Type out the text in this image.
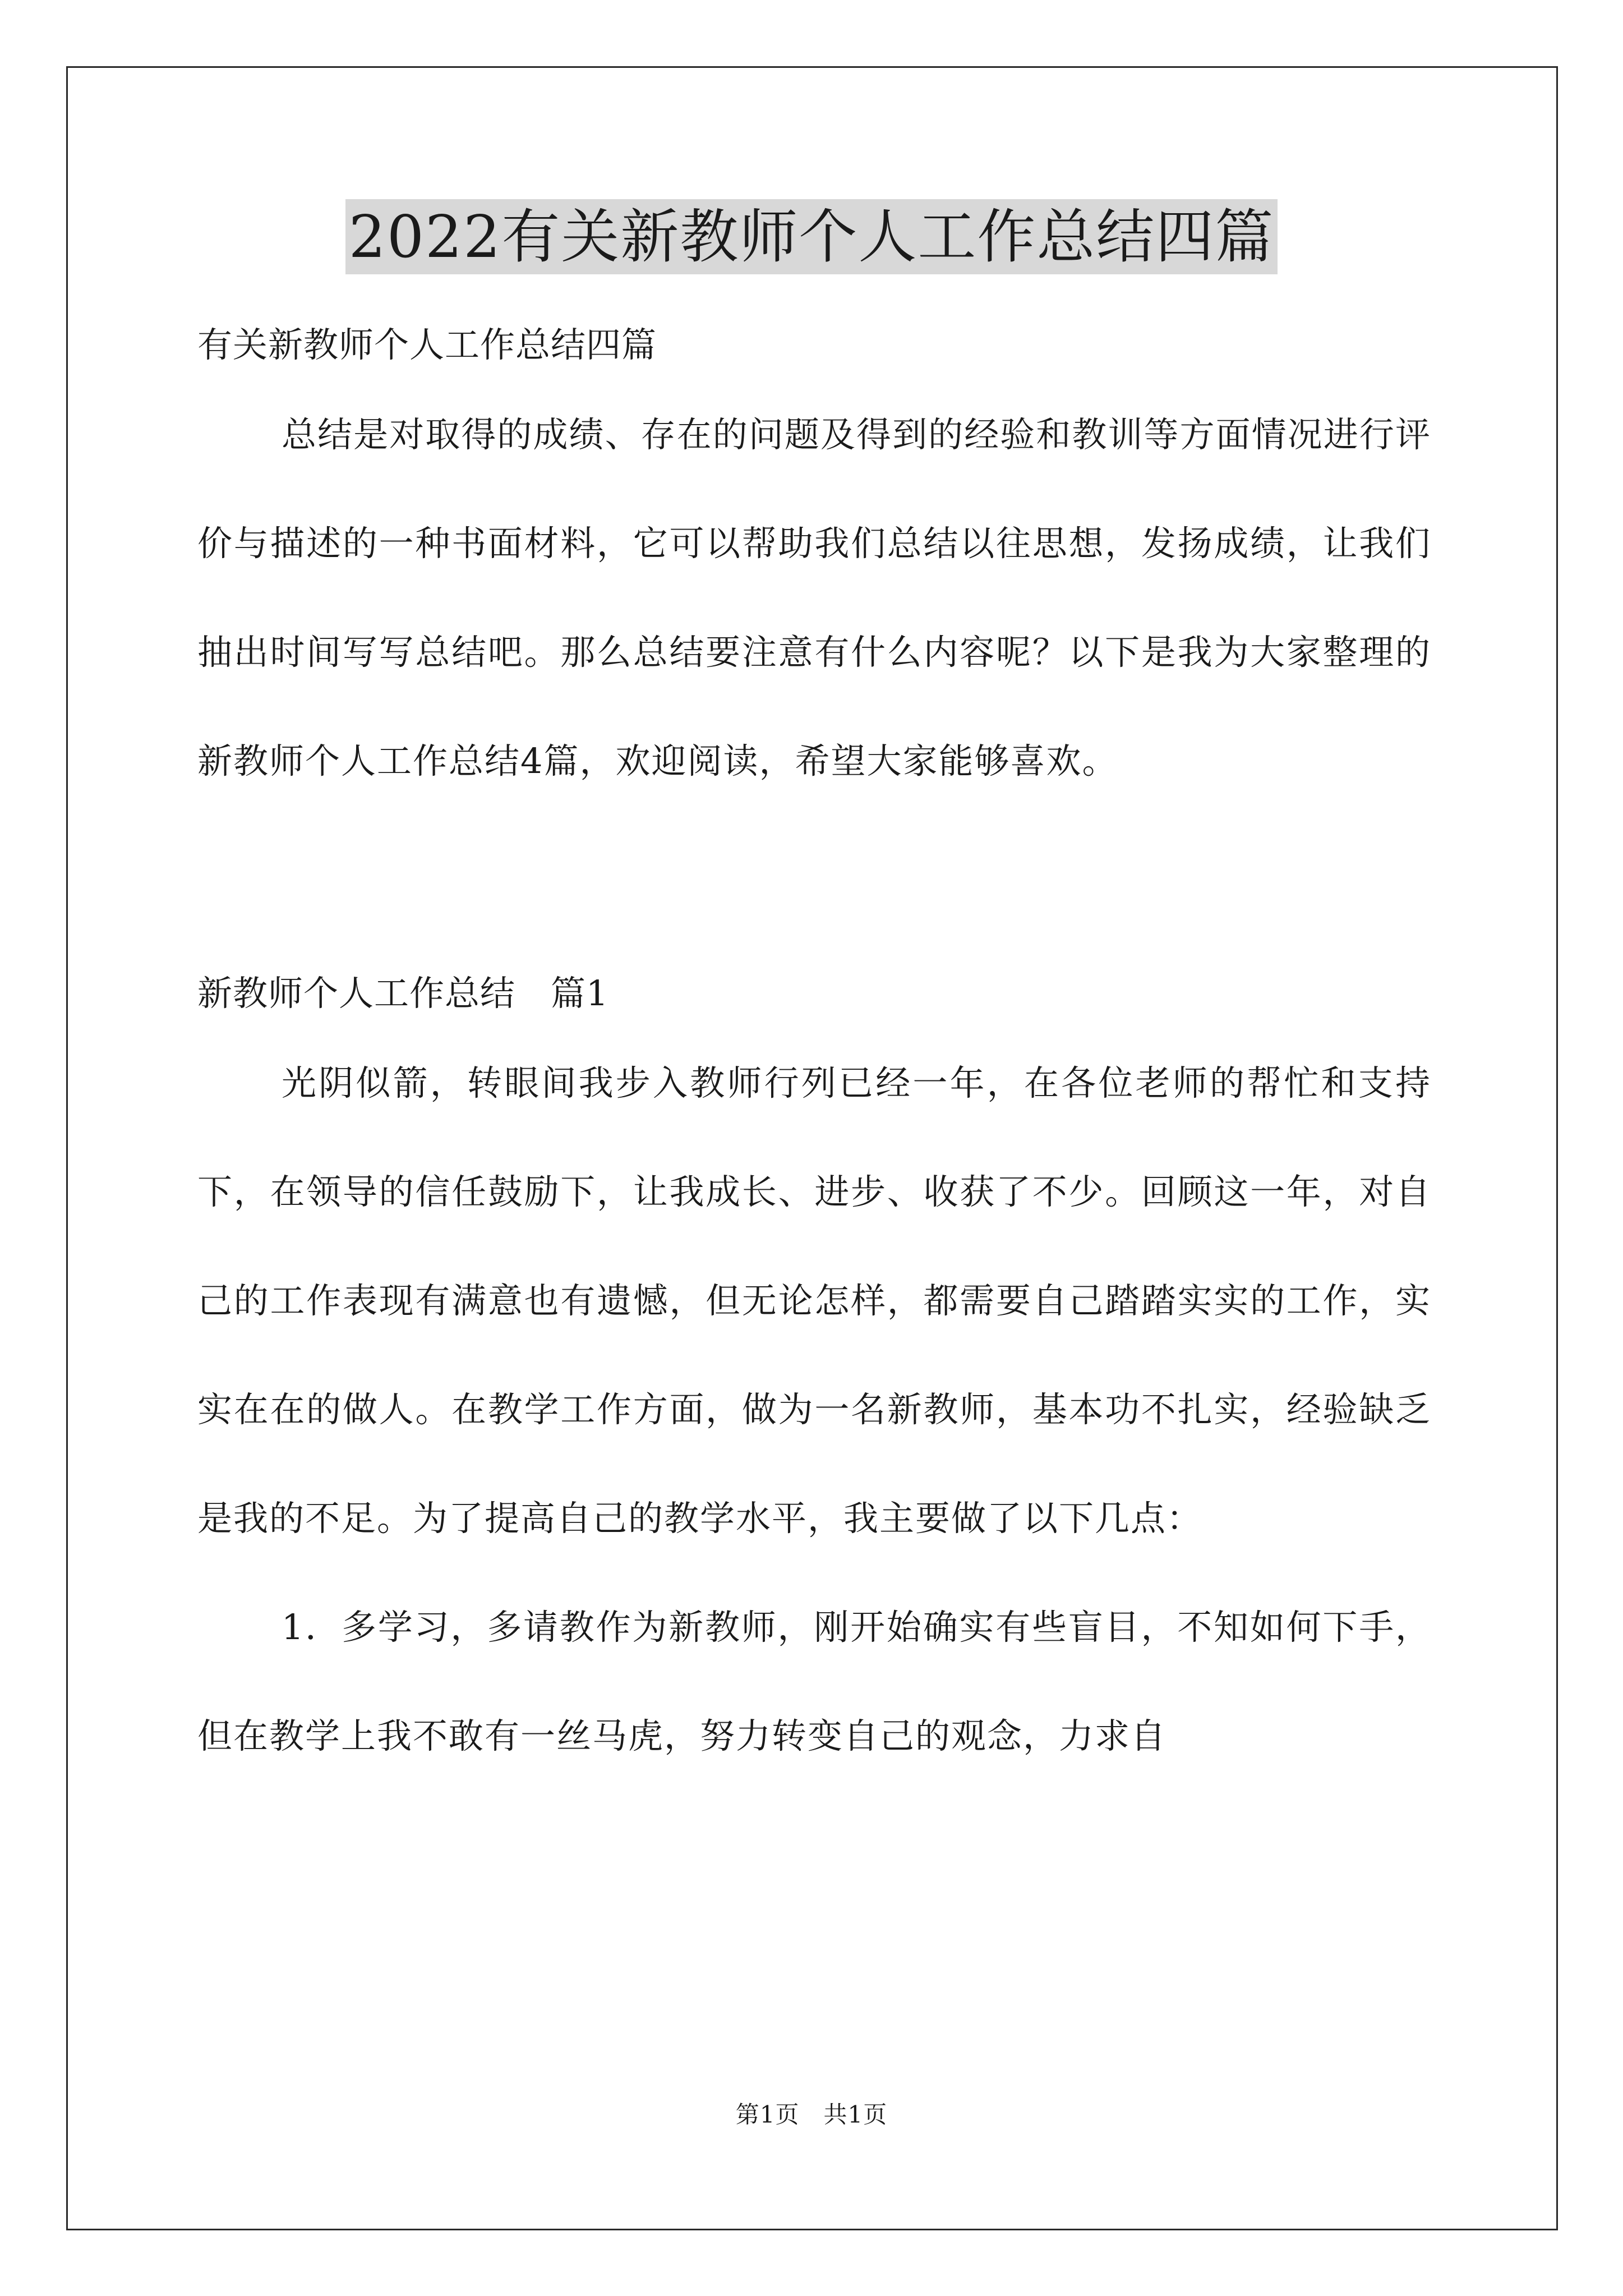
2022有关新教师个人工作总结四篇

有关新教师个人工作总结四篇

总结是对取得的成绩、存在的问题及得到的经验和教训等方面情况进行评价与描述的一种书面材料，它可以帮助我们总结以往思想，发扬成绩，让我们抽出时间写写总结吧。那么总结要注意有什么内容呢？以下是我为大家整理的新教师个人工作总结4篇，欢迎阅读，希望大家能够喜欢。

新教师个人工作总结　篇1

光阴似箭，转眼间我步入教师行列已经一年，在各位老师的帮忙和支持下，在领导的信任鼓励下，让我成长、进步、收获了不少。回顾这一年，对自己的工作表现有满意也有遗憾，但无论怎样，都需要自己踏踏实实的工作，实实在在的做人。在教学工作方面，做为一名新教师，基本功不扎实，经验缺乏是我的不足。为了提高自己的教学水平，我主要做了以下几点：

1．多学习，多请教作为新教师，刚开始确实有些盲目，不知如何下手，但在教学上我不敢有一丝马虎，努力转变自己的观念，力求自

第1页　共1页
